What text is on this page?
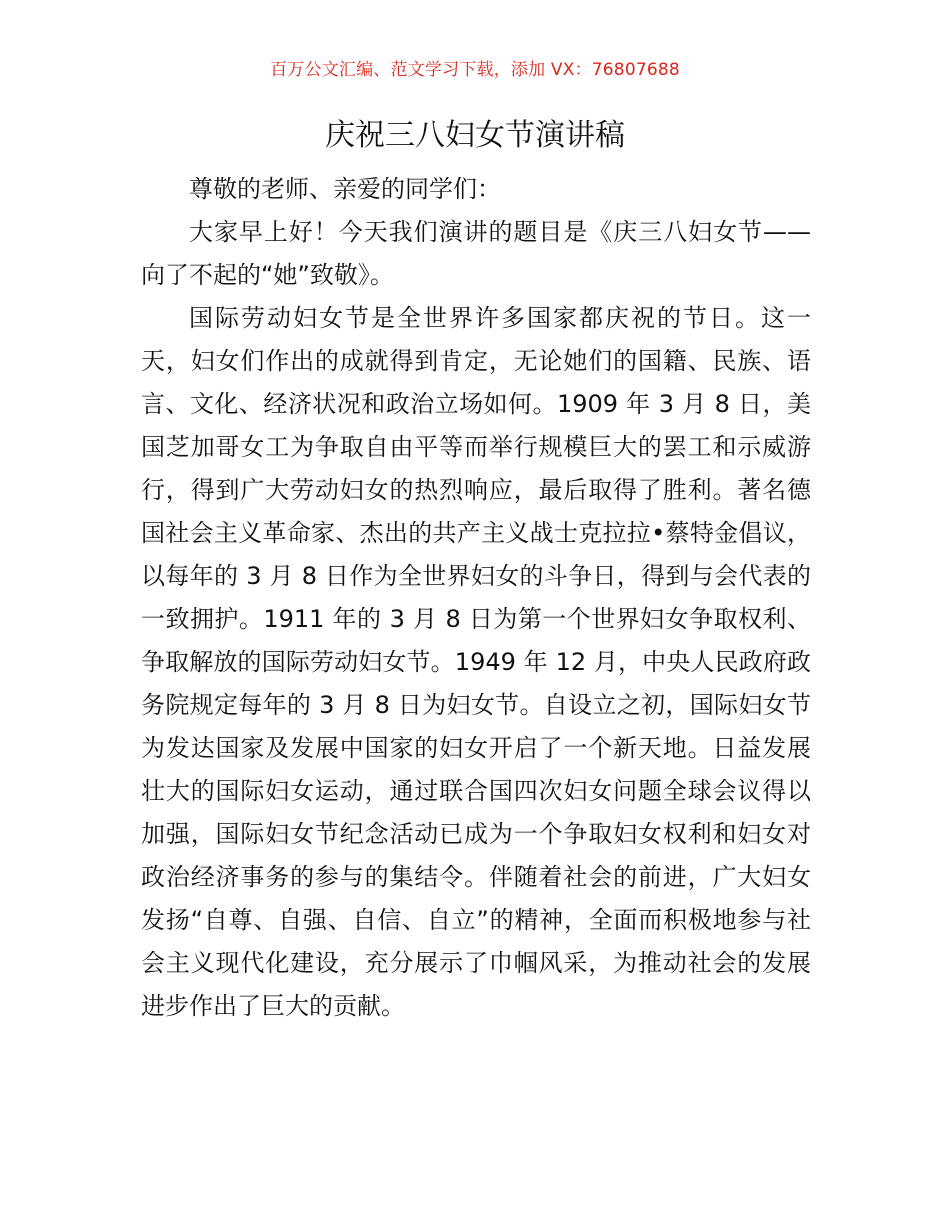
百万公文汇编、范文学习下载，添加 VX：76807688
庆祝三八妇女节演讲稿

尊敬的老师、亲爱的同学们：

大家早上好！今天我们演讲的题目是《庆三八妇女节——向了不起的“她”致敬》。

国际劳动妇女节是全世界许多国家都庆祝的节日。这一天，妇女们作出的成就得到肯定，无论她们的国籍、民族、语言、文化、经济状况和政治立场如何。1909 年 3 月 8 日，美国芝加哥女工为争取自由平等而举行规模巨大的罢工和示威游行，得到广大劳动妇女的热烈响应，最后取得了胜利。著名德国社会主义革命家、杰出的共产主义战士克拉拉•蔡特金倡议，以每年的 3 月 8 日作为全世界妇女的斗争日，得到与会代表的一致拥护。1911 年的 3 月 8 日为第一个世界妇女争取权利、争取解放的国际劳动妇女节。1949 年 12 月，中央人民政府政务院规定每年的 3 月 8 日为妇女节。自设立之初，国际妇女节为发达国家及发展中国家的妇女开启了一个新天地。日益发展壮大的国际妇女运动，通过联合国四次妇女问题全球会议得以加强，国际妇女节纪念活动已成为一个争取妇女权利和妇女对政治经济事务的参与的集结令。伴随着社会的前进，广大妇女发扬“自尊、自强、自信、自立”的精神，全面而积极地参与社会主义现代化建设，充分展示了巾帼风采，为推动社会的发展进步作出了巨大的贡献。
